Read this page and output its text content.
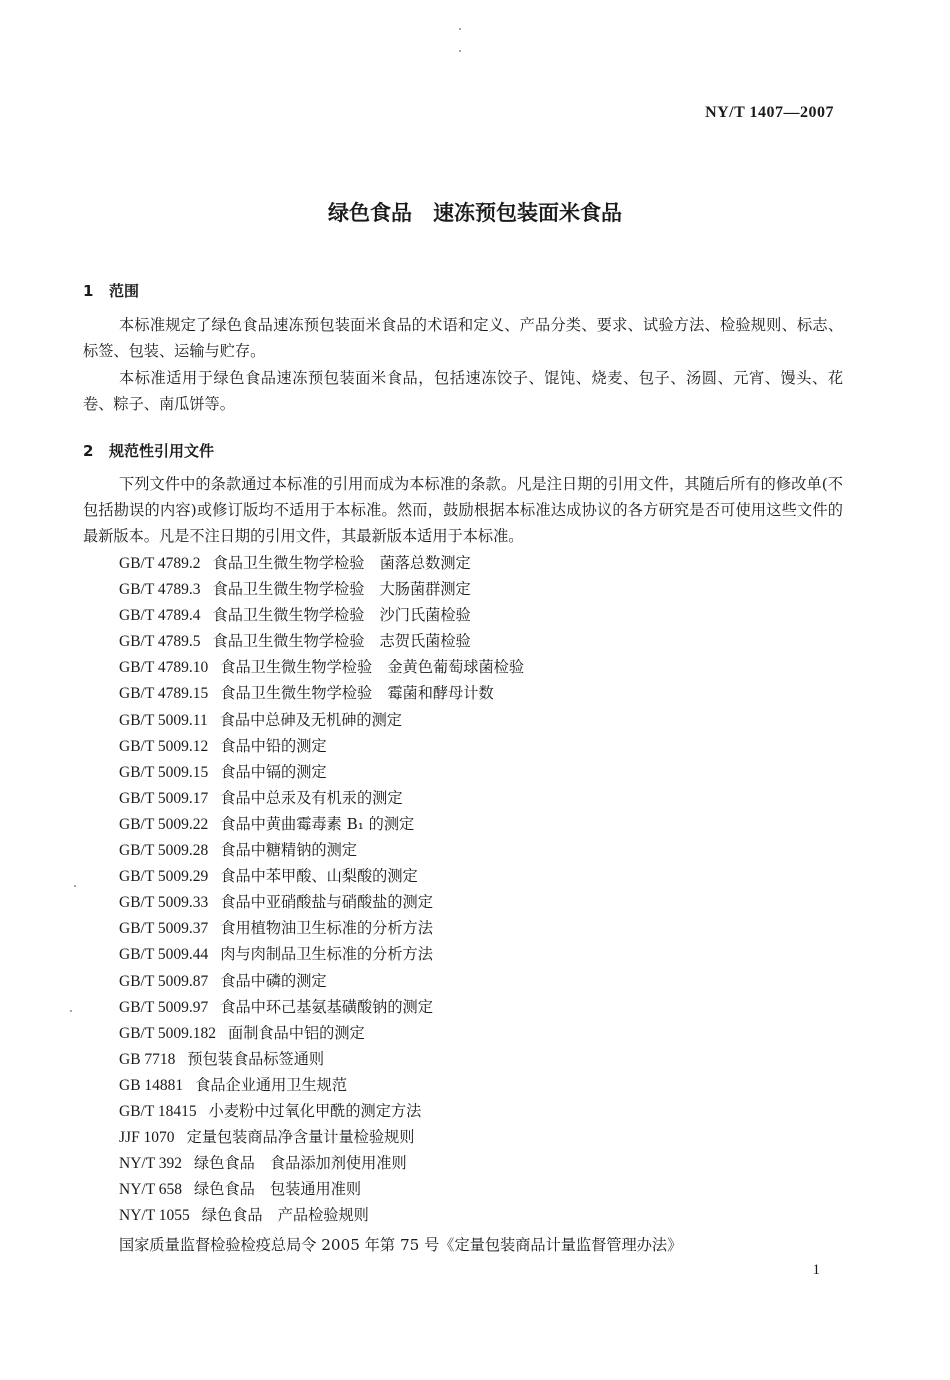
NY/T 1407—2007
绿色食品　速冻预包装面米食品
1 范围

本标准规定了绿色食品速冻预包装面米食品的术语和定义、产品分类、要求、试验方法、检验规则、标志、标签、包装、运输与贮存。

本标准适用于绿色食品速冻预包装面米食品，包括速冻饺子、馄饨、烧麦、包子、汤圆、元宵、馒头、花卷、粽子、南瓜饼等。

2 规范性引用文件

下列文件中的条款通过本标准的引用而成为本标准的条款。凡是注日期的引用文件，其随后所有的修改单(不包括勘误的内容)或修订版均不适用于本标准。然而，鼓励根据本标准达成协议的各方研究是否可使用这些文件的最新版本。凡是不注日期的引用文件，其最新版本适用于本标准。

GB/T 4789.2 食品卫生微生物学检验　菌落总数测定
GB/T 4789.3 食品卫生微生物学检验　大肠菌群测定
GB/T 4789.4 食品卫生微生物学检验　沙门氏菌检验
GB/T 4789.5 食品卫生微生物学检验　志贺氏菌检验
GB/T 4789.10 食品卫生微生物学检验　金黄色葡萄球菌检验
GB/T 4789.15 食品卫生微生物学检验　霉菌和酵母计数
GB/T 5009.11 食品中总砷及无机砷的测定
GB/T 5009.12 食品中铅的测定
GB/T 5009.15 食品中镉的测定
GB/T 5009.17 食品中总汞及有机汞的测定
GB/T 5009.22 食品中黄曲霉毒素 B₁ 的测定
GB/T 5009.28 食品中糖精钠的测定
GB/T 5009.29 食品中苯甲酸、山梨酸的测定
GB/T 5009.33 食品中亚硝酸盐与硝酸盐的测定
GB/T 5009.37 食用植物油卫生标准的分析方法
GB/T 5009.44 肉与肉制品卫生标准的分析方法
GB/T 5009.87 食品中磷的测定
GB/T 5009.97 食品中环己基氨基磺酸钠的测定
GB/T 5009.182 面制食品中铝的测定
GB 7718 预包装食品标签通则
GB 14881 食品企业通用卫生规范
GB/T 18415 小麦粉中过氧化甲酰的测定方法
JJF 1070 定量包装商品净含量计量检验规则
NY/T 392 绿色食品　食品添加剂使用准则
NY/T 658 绿色食品　包装通用准则
NY/T 1055 绿色食品　产品检验规则
国家质量监督检验检疫总局令 2005 年第 75 号《定量包装商品计量监督管理办法》
1
